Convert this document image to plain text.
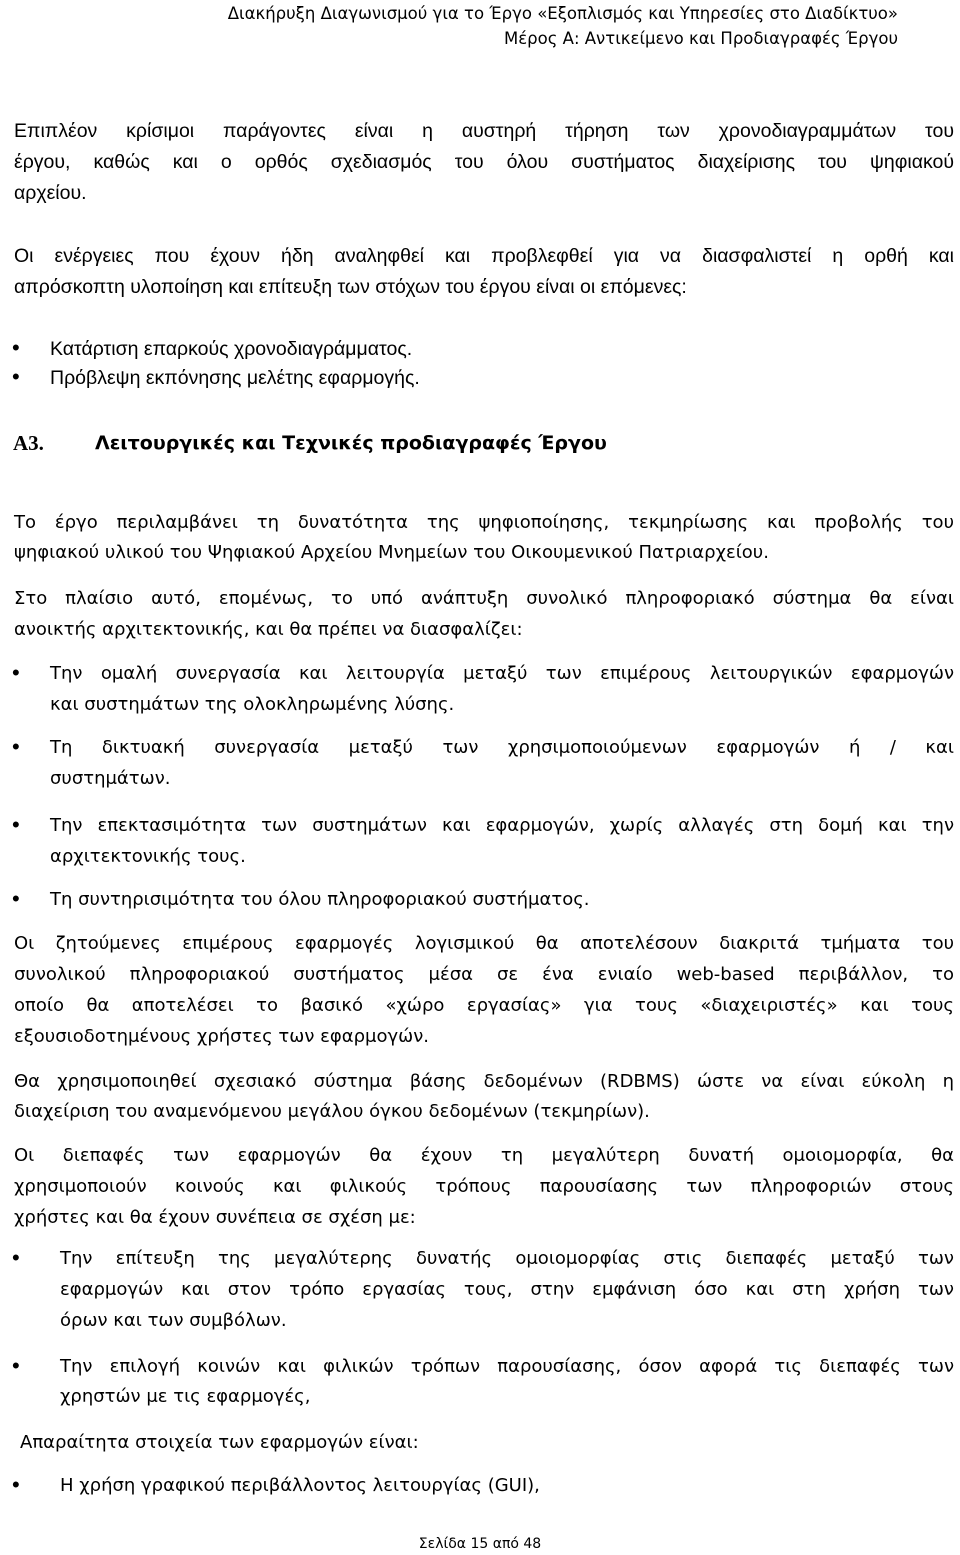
Διακήρυξη Διαγωνισμού για το Έργο «Εξοπλισμός και Υπηρεσίες στο Διαδίκτυο»
Μέρος Α: Αντικείμενο και Προδιαγραφές Έργου
Επιπλέον κρίσιμοι παράγοντες είναι η αυστηρή τήρηση των χρονοδιαγραμμάτων του
έργου, καθώς και ο ορθός σχεδιασμός του όλου συστήματος διαχείρισης του ψηφιακού
αρχείου.
Οι ενέργειες που έχουν ήδη αναληφθεί και προβλεφθεί για να διασφαλιστεί η ορθή και
απρόσκοπτη υλοποίηση και επίτευξη των στόχων του έργου είναι οι επόμενες:
• Κατάρτιση επαρκούς χρονοδιαγράμματος.
• Πρόβλεψη εκπόνησης μελέτης εφαρμογής.
Α3.	Λειτουργικές και Τεχνικές προδιαγραφές Έργου
Το έργο περιλαμβάνει τη δυνατότητα της ψηφιοποίησης, τεκμηρίωσης και προβολής του
ψηφιακού υλικού του Ψηφιακού Αρχείου Μνημείων του Οικουμενικού Πατριαρχείου.
Στο πλαίσιο αυτό, επομένως, το υπό ανάπτυξη συνολικό πληροφοριακό σύστημα θα είναι
ανοικτής αρχιτεκτονικής, και θα πρέπει να διασφαλίζει:
• Την ομαλή συνεργασία και λειτουργία μεταξύ των επιμέρους λειτουργικών εφαρμογών
και συστημάτων της ολοκληρωμένης λύσης.
• Τη δικτυακή συνεργασία μεταξύ των χρησιμοποιούμενων εφαρμογών ή / και
συστημάτων.
• Την επεκτασιμότητα των συστημάτων και εφαρμογών, χωρίς αλλαγές στη δομή και την
αρχιτεκτονικής τους.
• Τη συντηρισιμότητα του όλου πληροφοριακού συστήματος.
Οι ζητούμενες επιμέρους εφαρμογές λογισμικού θα αποτελέσουν διακριτά τμήματα του
συνολικού πληροφοριακού συστήματος μέσα σε ένα ενιαίο web-based περιβάλλον, το
οποίο θα αποτελέσει το βασικό «χώρο εργασίας» για τους «διαχειριστές» και τους
εξουσιοδοτημένους χρήστες των εφαρμογών.
Θα χρησιμοποιηθεί σχεσιακό σύστημα βάσης δεδομένων (RDBMS) ώστε να είναι εύκολη η
διαχείριση του αναμενόμενου μεγάλου όγκου δεδομένων (τεκμηρίων).
Οι διεπαφές των εφαρμογών θα έχουν τη μεγαλύτερη δυνατή ομοιομορφία, θα
χρησιμοποιούν κοινούς και φιλικούς τρόπους παρουσίασης των πληροφοριών στους
χρήστες και θα έχουν συνέπεια σε σχέση με:
• Την επίτευξη της μεγαλύτερης δυνατής ομοιομορφίας στις διεπαφές μεταξύ των
εφαρμογών και στον τρόπο εργασίας τους, στην εμφάνιση όσο και στη χρήση των
όρων και των συμβόλων.
• Την επιλογή κοινών και φιλικών τρόπων παρουσίασης, όσον αφορά τις διεπαφές των
χρηστών με τις εφαρμογές,
Απαραίτητα στοιχεία των εφαρμογών είναι:
• Η χρήση γραφικού περιβάλλοντος λειτουργίας (GUI),
Σελίδα 15 από 48
